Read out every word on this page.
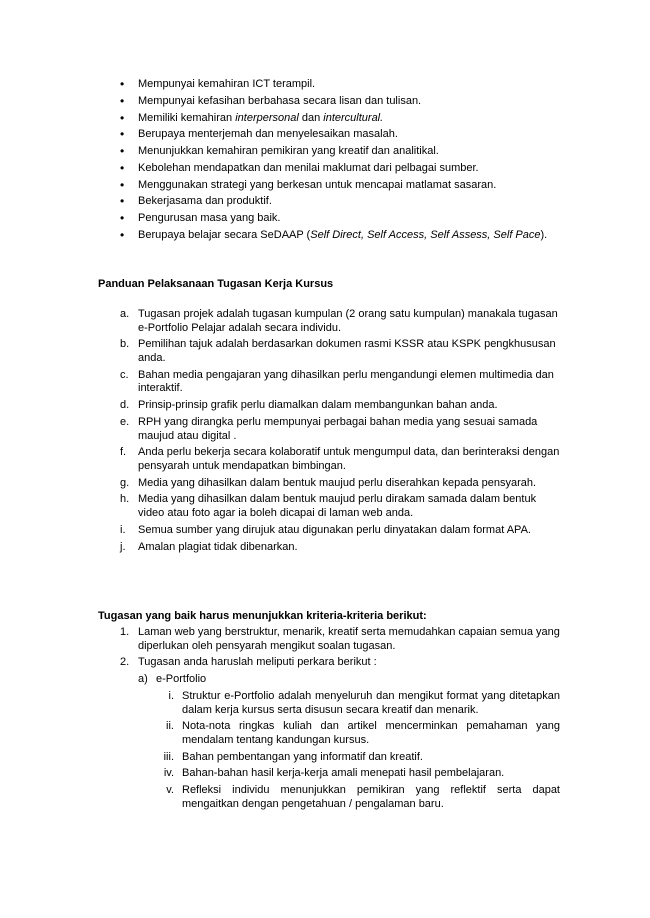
• Mempunyai kemahiran ICT terampil.
• Mempunyai kefasihan berbahasa secara lisan dan tulisan.
• Memiliki kemahiran interpersonal dan intercultural.
• Berupaya menterjemah dan menyelesaikan masalah.
• Menunjukkan kemahiran pemikiran yang kreatif dan analitikal.
• Kebolehan mendapatkan dan menilai maklumat dari pelbagai sumber.
• Menggunakan strategi yang berkesan untuk mencapai matlamat sasaran.
• Bekerjasama dan produktif.
• Pengurusan masa yang baik.
• Berupaya belajar secara SeDAAP (Self Direct, Self Access, Self Assess, Self Pace).

Panduan Pelaksanaan Tugasan Kerja Kursus

a. Tugasan projek adalah tugasan kumpulan (2 orang satu kumpulan) manakala tugasan e-Portfolio Pelajar adalah secara individu.
b. Pemilihan tajuk adalah berdasarkan dokumen rasmi KSSR atau KSPK pengkhususan anda.
c. Bahan media pengajaran yang dihasilkan perlu mengandungi elemen multimedia dan interaktif.
d. Prinsip-prinsip grafik perlu diamalkan dalam membangunkan bahan anda.
e. RPH yang dirangka perlu mempunyai perbagai bahan media yang sesuai samada maujud atau digital .
f. Anda perlu bekerja secara kolaboratif untuk mengumpul data, dan berinteraksi dengan pensyarah untuk mendapatkan bimbingan.
g. Media yang dihasilkan dalam bentuk maujud perlu diserahkan kepada pensyarah.
h. Media yang dihasilkan dalam bentuk maujud perlu dirakam samada dalam bentuk video atau foto agar ia boleh dicapai di laman web anda.
i. Semua sumber yang dirujuk atau digunakan perlu dinyatakan dalam format APA.
j. Amalan plagiat tidak dibenarkan.

Tugasan yang baik harus menunjukkan kriteria-kriteria berikut:

1. Laman web yang berstruktur, menarik, kreatif serta memudahkan capaian semua yang diperlukan oleh pensyarah mengikut soalan tugasan.
2. Tugasan anda haruslah meliputi perkara berikut :
a) e-Portfolio
i. Struktur e-Portfolio adalah menyeluruh dan mengikut format yang ditetapkan dalam kerja kursus serta disusun secara kreatif dan menarik.
ii. Nota-nota ringkas kuliah dan artikel mencerminkan pemahaman yang mendalam tentang kandungan kursus.
iii. Bahan pembentangan yang informatif dan kreatif.
iv. Bahan-bahan hasil kerja-kerja amali menepati hasil pembelajaran.
v. Refleksi individu menunjukkan pemikiran yang reflektif serta dapat mengaitkan dengan pengetahuan / pengalaman baru.
